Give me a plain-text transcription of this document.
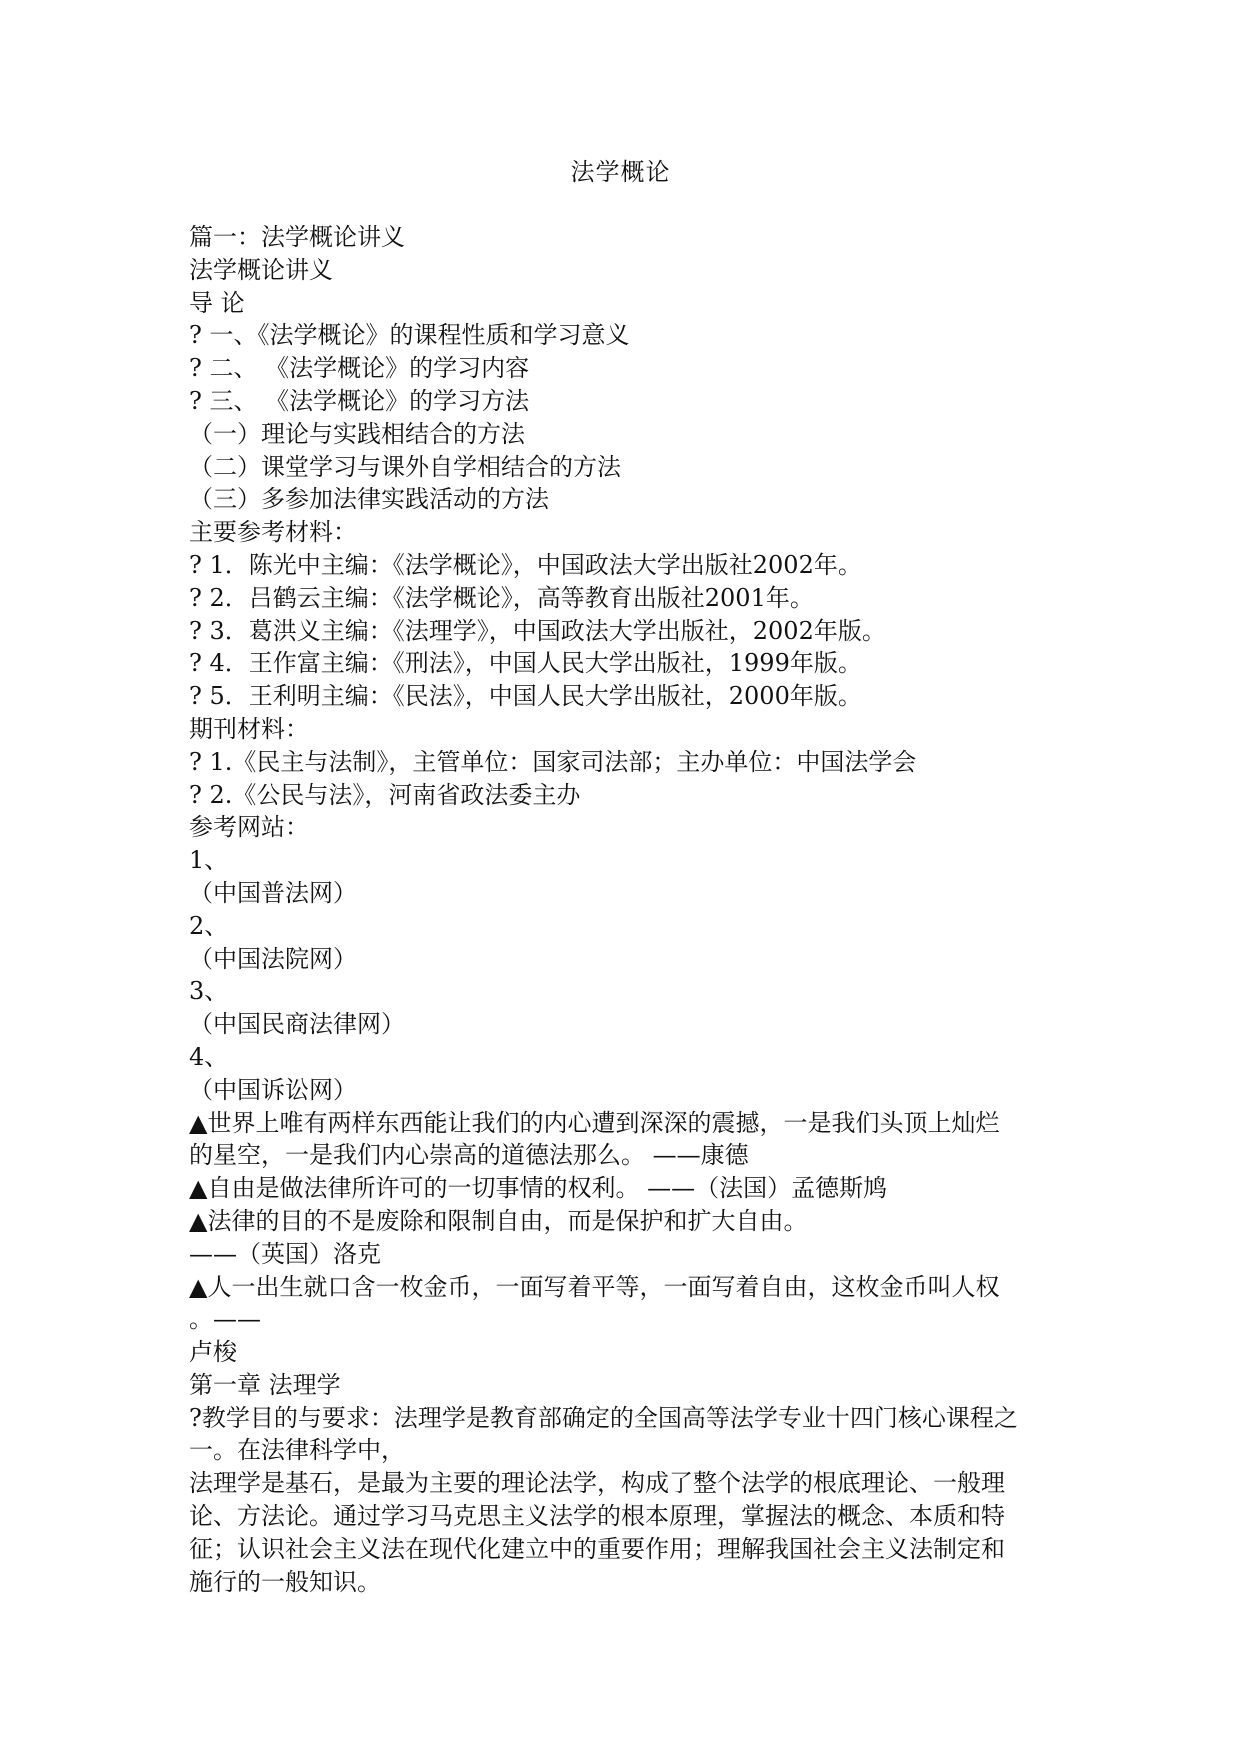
法学概论
篇一：法学概论讲义
法学概论讲义
导 论
? 一、《法学概论》的课程性质和学习意义
? 二、 《法学概论》的学习内容
? 三、 《法学概论》的学习方法
（一）理论与实践相结合的方法
（二）课堂学习与课外自学相结合的方法
（三）多参加法律实践活动的方法
主要参考材料：
? 1．陈光中主编：《法学概论》，中国政法大学出版社2002年。
? 2．吕鹤云主编：《法学概论》，高等教育出版社2001年。
? 3．葛洪义主编：《法理学》，中国政法大学出版社，2002年版。
? 4．王作富主编：《刑法》，中国人民大学出版社，1999年版。
? 5．王利明主编：《民法》，中国人民大学出版社，2000年版。
期刊材料：
? 1.《民主与法制》，主管单位：国家司法部；主办单位：中国法学会
? 2.《公民与法》，河南省政法委主办
参考网站：
1、
（中国普法网）
2、
（中国法院网）
3、
（中国民商法律网）
4、
（中国诉讼网）
▲世界上唯有两样东西能让我们的内心遭到深深的震撼，一是我们头顶上灿烂
的星空，一是我们内心崇高的道德法那么。 ——康德
▲自由是做法律所许可的一切事情的权利。 ——（法国）孟德斯鸠
▲法律的目的不是废除和限制自由，而是保护和扩大自由。
——（英国）洛克
▲人一出生就口含一枚金币，一面写着平等，一面写着自由，这枚金币叫人权
。——
卢梭
第一章 法理学
?教学目的与要求：法理学是教育部确定的全国高等法学专业十四门核心课程之
一。在法律科学中，
法理学是基石，是最为主要的理论法学，构成了整个法学的根底理论、一般理
论、方法论。通过学习马克思主义法学的根本原理，掌握法的概念、本质和特
征；认识社会主义法在现代化建立中的重要作用；理解我国社会主义法制定和
施行的一般知识。
